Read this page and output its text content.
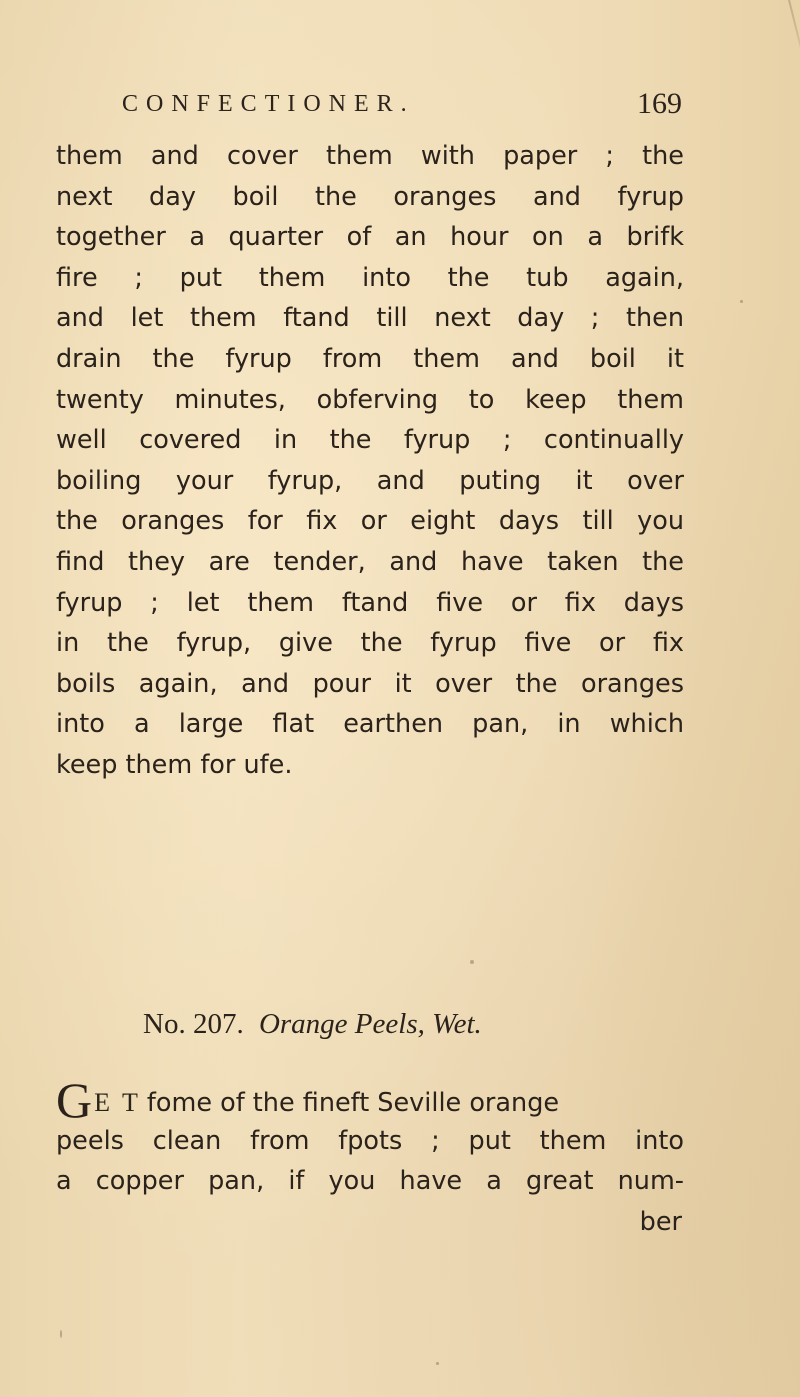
CONFECTIONER.	169
them and cover them with paper ; the
next day boil the oranges and fyrup
together a quarter of an hour on a brifk
fire ; put them into the tub again,
and let them ftand till next day ; then
drain the fyrup from them and boil it
twenty minutes, obferving to keep them
well covered in the fyrup ; continually
boiling your fyrup, and puting it over
the oranges for fix or eight days till you
find they are tender, and have taken the
fyrup ; let them ftand five or fix days
in the fyrup, give the fyrup five or fix
boils again, and pour it over the oranges
into a large flat earthen pan, in which
keep them for ufe.
No. 207. Orange Peels, Wet.
GE T fome of the fineft Seville orange
peels clean from fpots ; put them into
a copper pan, if you have a great num-
ber
